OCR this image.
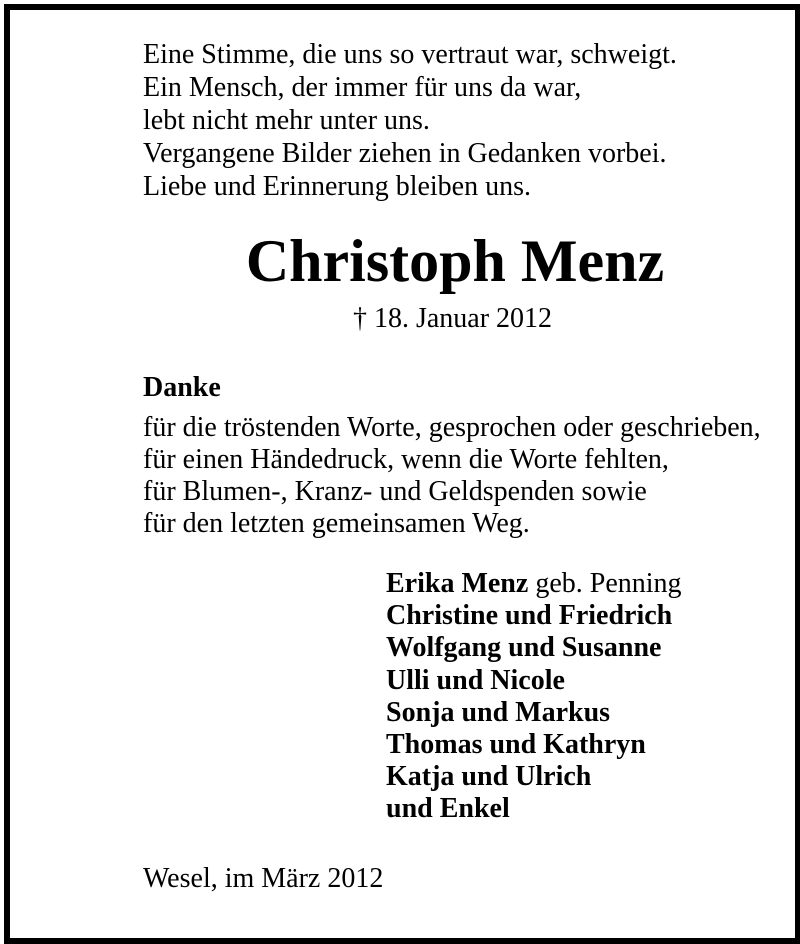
Eine Stimme, die uns so vertraut war, schweigt.
Ein Mensch, der immer für uns da war,
lebt nicht mehr unter uns.
Vergangene Bilder ziehen in Gedanken vorbei.
Liebe und Erinnerung bleiben uns.
Christoph Menz
† 18. Januar 2012
Danke
für die tröstenden Worte, gesprochen oder geschrieben,
für einen Händedruck, wenn die Worte fehlten,
für Blumen-, Kranz- und Geldspenden sowie
für den letzten gemeinsamen Weg.
Erika Menz geb. Penning
Christine und Friedrich
Wolfgang und Susanne
Ulli und Nicole
Sonja und Markus
Thomas und Kathryn
Katja und Ulrich
und Enkel
Wesel, im März 2012
